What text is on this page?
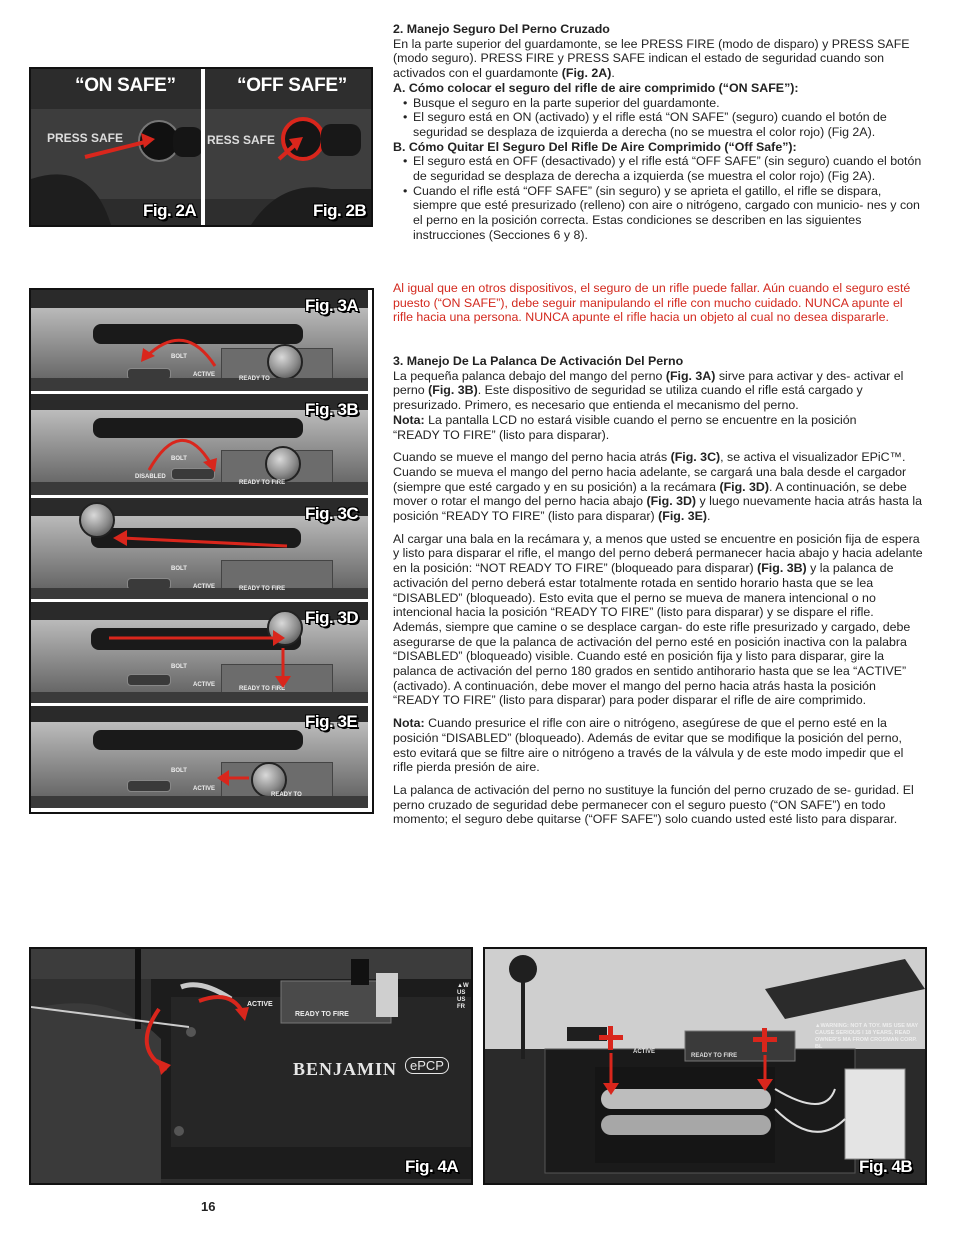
“ON SAFE”	“OFF SAFE”
PRESS SAFE	RESS SAFE
Fig. 2A	Fig. 2B
BOLT
ACTIVE
READY TO
Fig. 3A
BOLT
DISABLED
READY TO FIRE
Fig. 3B
BOLT
ACTIVE	READY TO FIRE
Fig. 3C
BOLT
ACTIVE
READY TO FIRE
Fig. 3D
BOLT
ACTIVE
READY TO
Fig. 3E

2. Manejo Seguro Del Perno Cruzado

En la parte superior del guardamonte, se lee PRESS FIRE (modo de disparo) y PRESS SAFE (modo seguro). PRESS FIRE y PRESS SAFE indican el estado de seguridad cuando son activados con el guardamonte (Fig. 2A).

A. Cómo colocar el seguro del rifle de aire comprimido (“ON SAFE”):

• Busque el seguro en la parte superior del guardamonte.

• El seguro está en ON (activado) y el rifle está “ON SAFE” (seguro) cuando el botón de seguridad se desplaza de izquierda a derecha (no se muestra el color rojo) (Fig 2A).

B. Cómo Quitar El Seguro Del Rifle De Aire Comprimido (“Off Safe”):

• El seguro está en OFF (desactivado) y el rifle está “OFF SAFE” (sin seguro) cuando el botón de seguridad se desplaza de derecha a izquierda (se muestra el color rojo) (Fig 2A).

• Cuando el rifle está “OFF SAFE” (sin seguro) y se aprieta el gatillo, el rifle se dispara, siempre que esté presurizado (relleno) con aire o nitrógeno, cargado con municio- nes y con el perno en la posición correcta. Estas condiciones se describen en las siguientes instrucciones (Secciones 6 y 8).

Al igual que en otros dispositivos, el seguro de un rifle puede fallar. Aún cuando el seguro esté puesto (“ON SAFE”), debe seguir manipulando el rifle con mucho cuidado. NUNCA apunte el rifle hacia una persona. NUNCA apunte el rifle hacia un objeto al cual no desea dispararle.

3. Manejo De La Palanca De Activación Del Perno

La pequeña palanca debajo del mango del perno (Fig. 3A) sirve para activar y des- activar el perno (Fig. 3B). Este dispositivo de seguridad se utiliza cuando el rifle está cargado y presurizado. Primero, es necesario que entienda el mecanismo del perno.

Nota: La pantalla LCD no estará visible cuando el perno se encuentre en la posición

“READY TO FIRE” (listo para disparar).

Cuando se mueve el mango del perno hacia atrás (Fig. 3C), se activa el visualizador EPiC™. Cuando se mueva el mango del perno hacia adelante, se cargará una bala desde el cargador (siempre que esté cargado y en su posición) a la recámara (Fig. 3D). A continuación, se debe mover o rotar el mango del perno hacia abajo (Fig. 3D) y luego nuevamente hacia atrás hasta la posición “READY TO FIRE” (listo para disparar) (Fig. 3E).

Al cargar una bala en la recámara y, a menos que usted se encuentre en posición fija de espera y listo para disparar el rifle, el mango del perno deberá permanecer hacia abajo y hacia adelante en la posición: “NOT READY TO FIRE” (bloqueado para disparar) (Fig. 3B) y la palanca de activación del perno deberá estar totalmente rotada en sentido horario hasta que se lea “DISABLED” (bloqueado). Esto evita que el perno se mueva de manera intencional o no intencional hacia la posición “READY TO FIRE” (listo para disparar) y se dispare el rifle. Además, siempre que camine o se desplace cargan- do este rifle presurizado y cargado, debe asegurarse de que la palanca de activación del perno esté en posición inactiva con la palabra “DISABLED” (bloqueado) visible. Cuando esté en posición fija y listo para disparar, gire la palanca de activación del perno 180 grados en sentido antihorario hasta que se lea “ACTIVE” (activado). A continuación, debe mover el mango del perno hacia atrás hasta la posición “READY TO FIRE” (listo para disparar) para poder disparar el rifle de aire comprimido.

Nota: Cuando presurice el rifle con aire o nitrógeno, asegúrese de que el perno esté en la posición “DISABLED” (bloqueado). Además de evitar que se modifique la posición del perno, esto evitará que se filtre aire o nitrógeno a través de la válvula y de este modo impedir que el rifle pierda presión de aire.

La palanca de activación del perno no sustituye la función del perno cruzado de se- guridad. El perno cruzado de seguridad debe permanecer con el seguro puesto (“ON SAFE”) en todo momento; el seguro debe quitarse (“OFF SAFE”) solo cuando usted esté listo para disparar.

ACTIVE
READY TO FIRE
▲W US US FR
BENJAMIN ePCP
Fig. 4A
ACTIVE
READY TO FIRE
▲WARNING: NOT A TOY. MIS USE MAY CAUSE SERIOUS I 18 YEARS, READ OWNER'S MA FROM CROSMAN CORP. BL
Fig. 4B
16
